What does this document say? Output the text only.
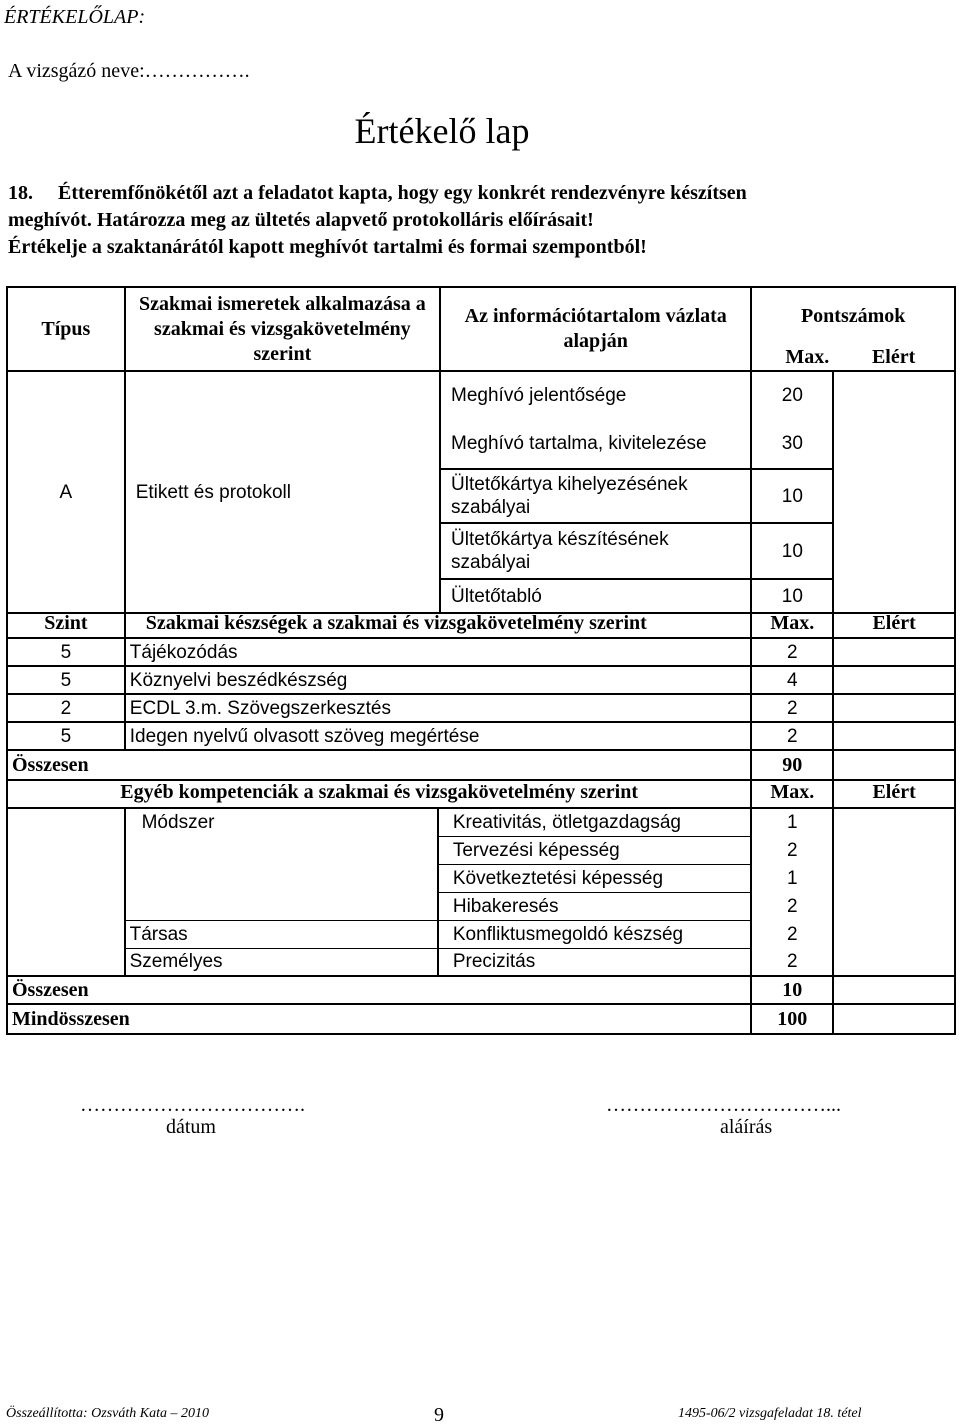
ÉRTÉKELŐLAP:
A vizsgázó neve:…………….
Értékelő lap
18. Étteremfőnökétől azt a feladatot kapta, hogy egy konkrét rendezvényre készítsen
meghívót. Határozza meg az ültetés alapvető protokolláris előírásait!
Értékelje a szaktanárától kapott meghívót tartalmi és formai szempontból!
Típus	Szakmai ismeretek alkalmazása a szakmai és vizsgakövetelmény szerint	Az információtartalom vázlata alapján	Pontszámok	
			Max.	Elért
A	Etikett és protokoll	Meghívó jelentősége	20	
		Meghívó tartalma, kivitelezése	30	
		Ültetőkártya kihelyezésének szabályai	10	
		Ültetőkártya készítésének szabályai	10	
		Ültetőtabló	10	
Szint	Szakmai készségek a szakmai és vizsgakövetelmény szerint	Max.	Elért
5	Tájékozódás	2	
5	Köznyelvi beszédkészség	4	
2	ECDL 3.m. Szövegszerkesztés	2	
5	Idegen nyelvű olvasott szöveg megértése	2	
Összesen		90	
Egyéb kompetenciák a szakmai és vizsgakövetelmény szerint			Max.	Elért
	Módszer	Kreativitás, ötletgazdagság	1	
		Tervezési képesség	2	
		Következtetési képesség	1	
		Hibakeresés	2	
	Társas	Konfliktusmegoldó készség	2	
	Személyes	Precizitás	2	
Összesen			10	
Mindösszesen			100	
…………………………….
dátum
……………………………...
aláírás
Összeállította: Ozsváth Kata – 2010	9	1495-06/2 vizsgafeladat 18. tétel
